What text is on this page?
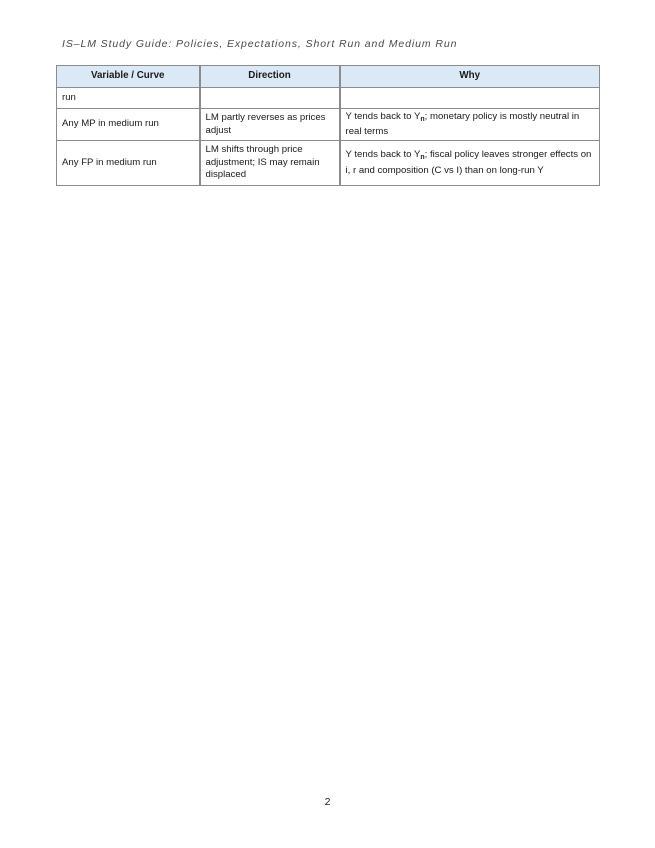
IS–LM Study Guide: Policies, Expectations, Short Run and Medium Run
Variable / Curve	Direction	Why
run		
Any MP in medium run	LM partly reverses as prices adjust	Y tends back to $Y_n$; monetary policy is mostly neutral in real terms
Any FP in medium run	LM shifts through price adjustment; IS may remain displaced	Y tends back to $Y_n$; fiscal policy leaves stronger effects on i, r and composition (C vs I) than on long-run Y
2
